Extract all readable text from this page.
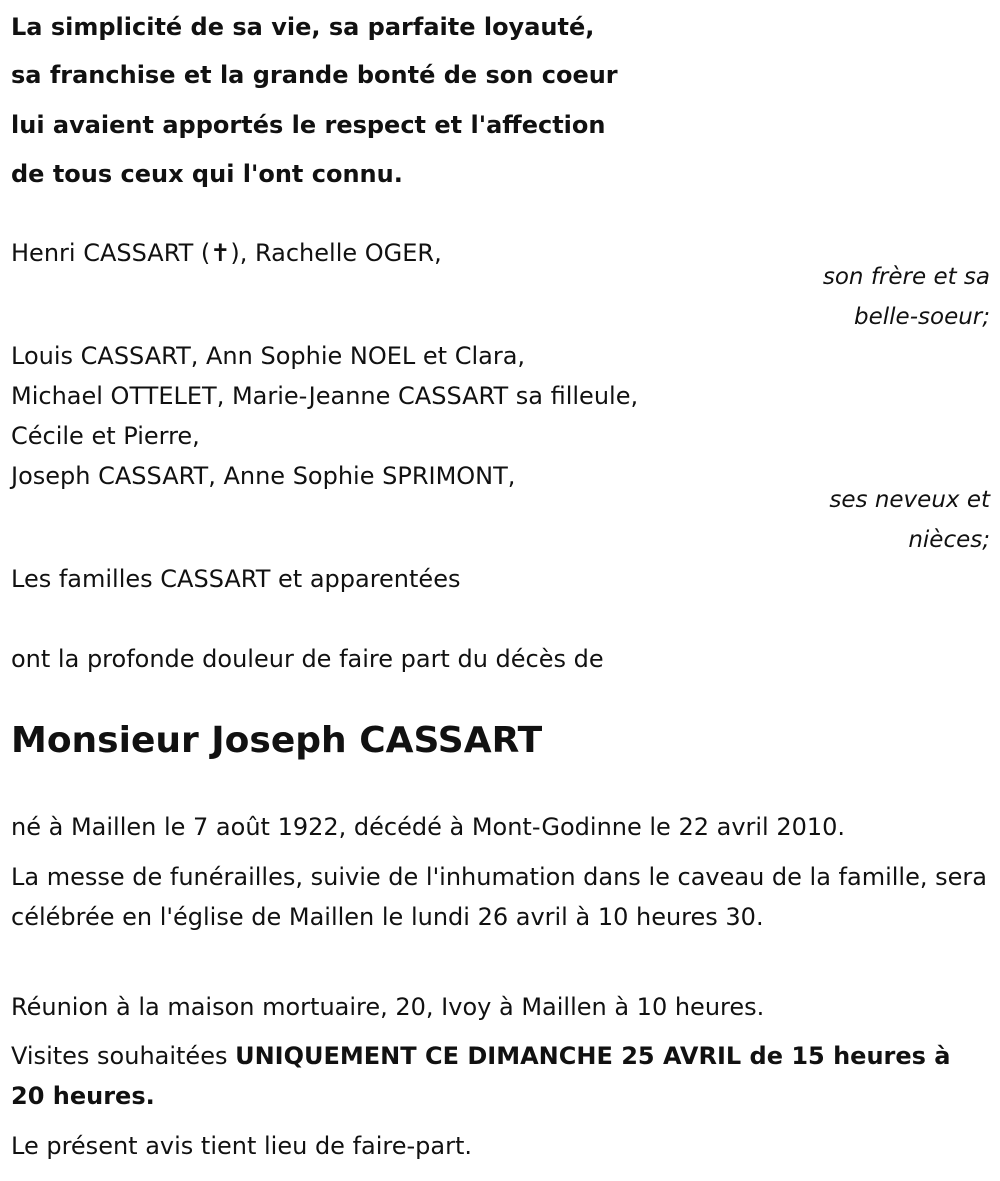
La simplicité de sa vie, sa parfaite loyauté,

sa franchise et la grande bonté de son coeur

lui avaient apportés le respect et l'affection

de tous ceux qui l'ont connu.

Henri CASSART (✝), Rachelle OGER,

son frère et sa

belle-soeur;

Louis CASSART, Ann Sophie NOEL et Clara,

Michael OTTELET, Marie-Jeanne CASSART sa filleule,

Cécile et Pierre,

Joseph CASSART, Anne Sophie SPRIMONT,

ses neveux et

nièces;

Les familles CASSART et apparentées

ont la profonde douleur de faire part du décès de

Monsieur Joseph CASSART

né à Maillen le 7 août 1922, décédé à Mont-Godinne le 22 avril 2010.

La messe de funérailles, suivie de l'inhumation dans le caveau de la famille, sera célébrée en l'église de Maillen le lundi 26 avril à 10 heures 30.

Réunion à la maison mortuaire, 20, Ivoy à Maillen à 10 heures.

Visites souhaitées UNIQUEMENT CE DIMANCHE 25 AVRIL de 15 heures à 20 heures.

Le présent avis tient lieu de faire-part.
